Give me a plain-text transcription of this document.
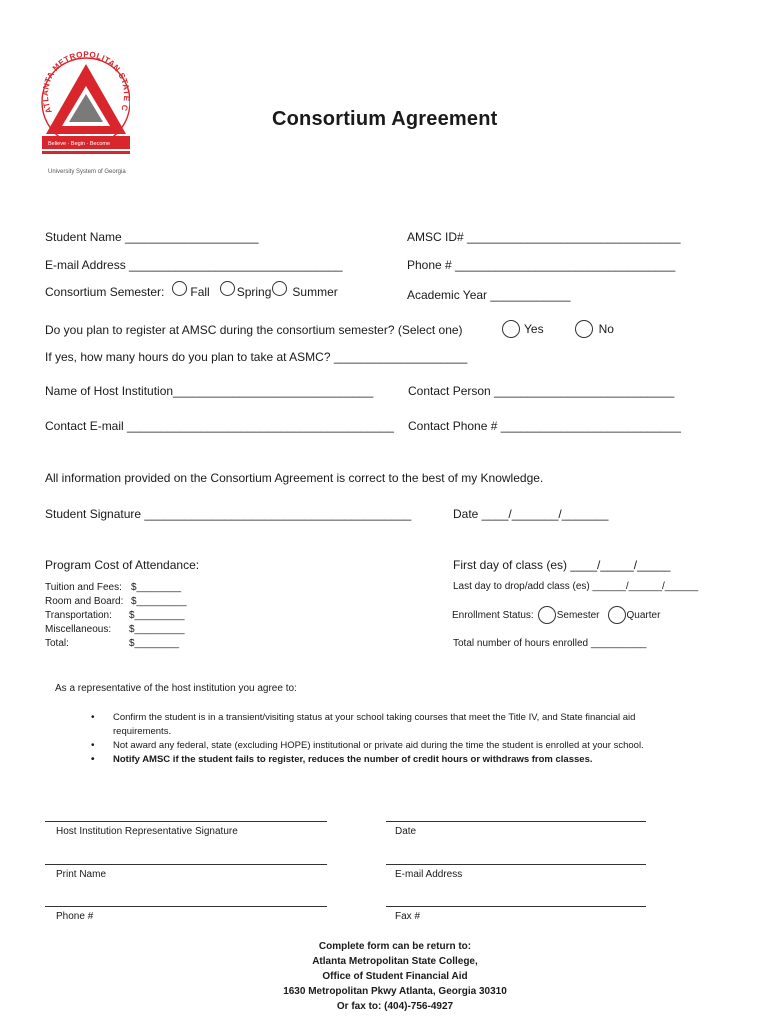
ATLANTA METROPOLITAN STA C
Believe · Begin · Become
University System of Georgia
Consortium Agreement
Student Name ____________________	AMSC ID# ________________________________
E-mail Address ________________________________	Phone # _________________________________
Consortium Semester: Fall Spring Summer	Academic Year ____________
Do you plan to register at AMSC during the consortium semester? (Select one)	Yes	No
If yes, how many hours do you plan to take at ASMC? ____________________
Name of Host Institution______________________________	Contact Person ___________________________
Contact E-mail ________________________________________ Contact Phone # ___________________________
All information provided on the Consortium Agreement is correct to the best of my Knowledge.
Student Signature ________________________________________	Date ____/_______/_______
Program Cost of Attendance:
Tuition and Fees: $________
Room and Board: $_________
Transportation: $_________
Miscellaneous: $_________
Total:	$________
First day of class (es) ____/_____/_____
Last day to drop/add class (es) ______/______/______
Enrollment Status: Semester	Quarter
Total number of hours enrolled __________
As a representative of the host institution you agree to:
• Confirm the student is in a transient/visiting status at your school taking courses that meet the Title IV, and State financial aid requirements.
• Not award any federal, state (excluding HOPE) institutional or private aid during the time the student is enrolled at your school.
• Notify AMSC if the student fails to register, reduces the number of credit hours or withdraws from classes.
Host Institution Representative Signature	Date
Print Name	E-mail Address
Phone #	Fax #
Complete form can be return to:
Atlanta Metropolitan State College,
Office of Student Financial Aid
1630 Metropolitan Pkwy Atlanta, Georgia 30310
Or fax to: (404)-756-4927
